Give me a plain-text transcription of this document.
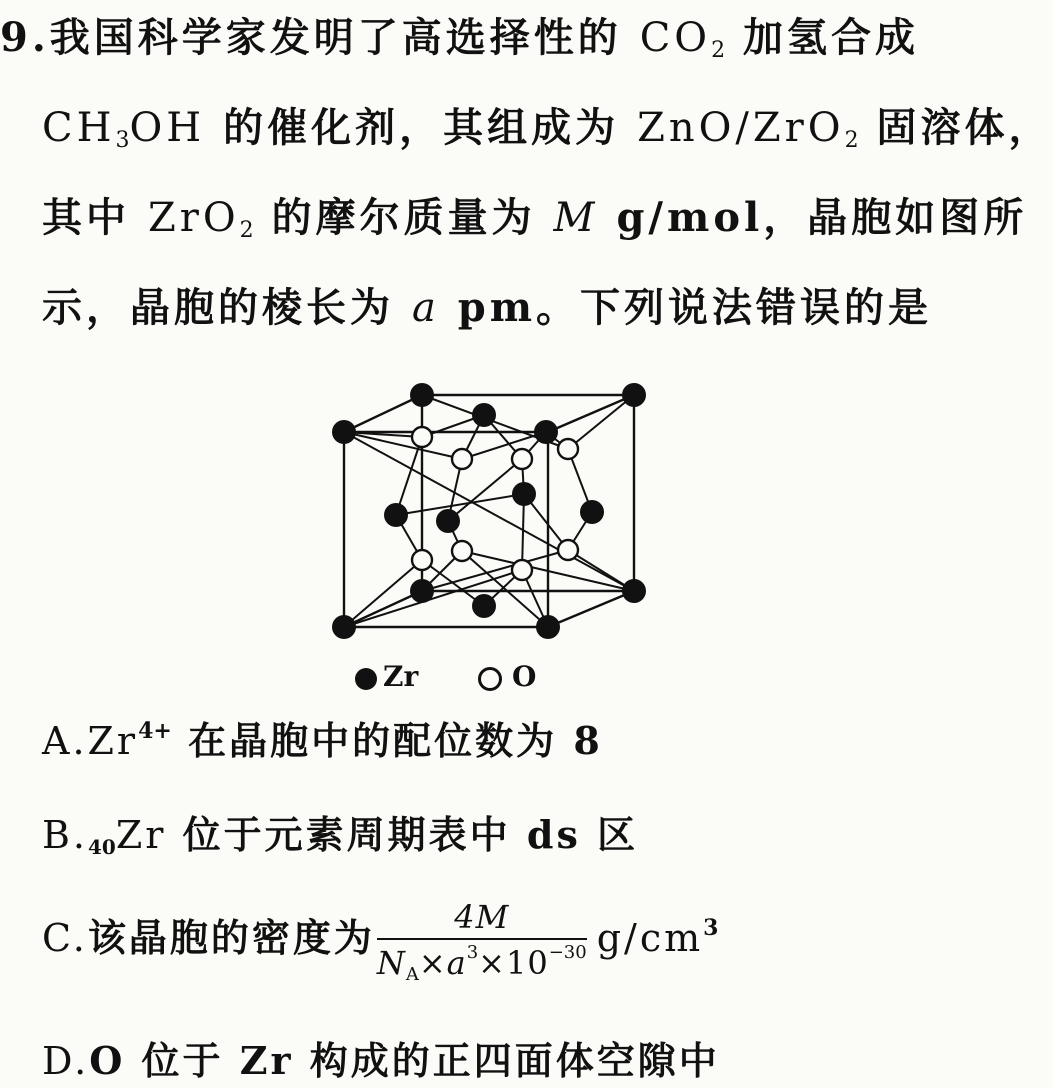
9.我国科学家发明了高选择性的 $CO_2$ 加氢合成
$CH_3OH$ 的催化剂，其组成为 ZnO/ZrO$_2$ 固溶体，
其中 ZrO$_2$ 的摩尔质量为 M g/mol，晶胞如图所
示，晶胞的棱长为 a pm。下列说法错误的是
Zr	O
$A.Zr^{4+}$ 在晶胞中的配位数为 8
B.40Zr 位于元素周期表中 ds 区
C.该晶胞的密度为 $\frac{4M}{N_A\times a^3\times 10^{-30}} g/cm^3$
D.O 位于 Zr 构成的正四面体空隙中
